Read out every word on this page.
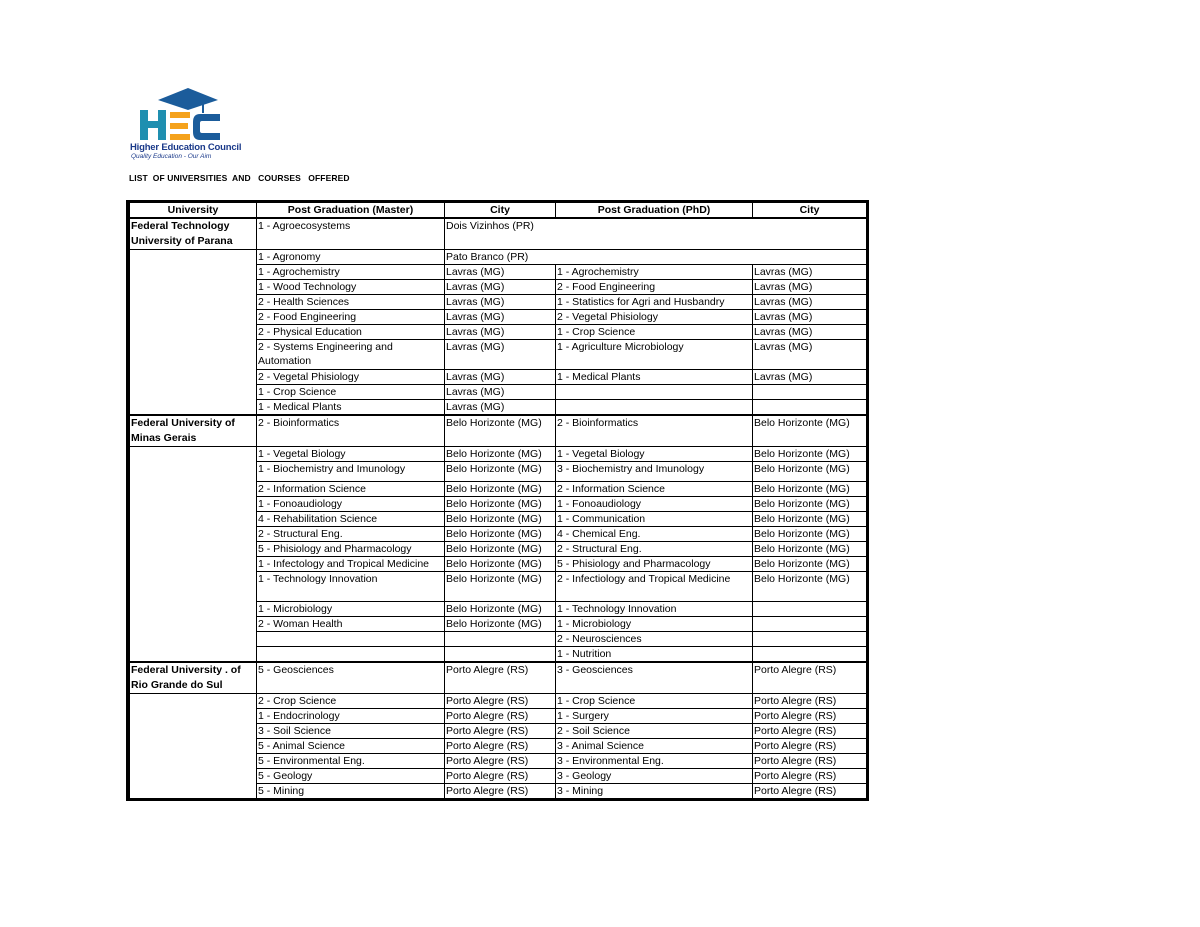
Higher Education Council
Quality Education - Our Aim
LIST  OF UNIVERSITIES  AND   COURSES   OFFERED
University	Post Graduation (Master)	City	Post Graduation (PhD)	City
Federal Technology University of Parana	1 - Agroecosystems	Dois Vizinhos (PR)		
	1 - Agronomy	Pato Branco (PR)		
	1 - Agrochemistry	Lavras (MG)	1 - Agrochemistry	Lavras (MG)
	1 - Wood Technology	Lavras (MG)	2 - Food Engineering	Lavras (MG)
	2 - Health Sciences	Lavras (MG)	1 - Statistics for Agri and Husbandry	Lavras (MG)
	2 - Food Engineering	Lavras (MG)	2 - Vegetal Phisiology	Lavras (MG)
	2 - Physical Education	Lavras (MG)	1 - Crop Science	Lavras (MG)
	2 - Systems Engineering and Automation	Lavras (MG)	1 - Agriculture Microbiology	Lavras (MG)
	2 - Vegetal Phisiology	Lavras (MG)	1 - Medical Plants	Lavras (MG)
	1 - Crop Science	Lavras (MG)		
	1 - Medical Plants	Lavras (MG)		
Federal University of Minas Gerais	2 - Bioinformatics	Belo Horizonte (MG)	2 - Bioinformatics	Belo Horizonte (MG)
	1 - Vegetal Biology	Belo Horizonte (MG)	1 - Vegetal Biology	Belo Horizonte (MG)
	1 - Biochemistry and Imunology	Belo Horizonte (MG)	3 - Biochemistry and Imunology	Belo Horizonte (MG)
	2 - Information Science	Belo Horizonte (MG)	2 - Information Science	Belo Horizonte (MG)
	1 - Fonoaudiology	Belo Horizonte (MG)	1 - Fonoaudiology	Belo Horizonte (MG)
	4 - Rehabilitation Science	Belo Horizonte (MG)	1 - Communication	Belo Horizonte (MG)
	2 - Structural Eng.	Belo Horizonte (MG)	4 - Chemical Eng.	Belo Horizonte (MG)
	5 - Phisiology and Pharmacology	Belo Horizonte (MG)	2 - Structural Eng.	Belo Horizonte (MG)
	1 - Infectology and Tropical Medicine	Belo Horizonte (MG)	5 - Phisiology and Pharmacology	Belo Horizonte (MG)
	1 - Technology Innovation	Belo Horizonte (MG)	2 - Infectiology and Tropical Medicine	Belo Horizonte (MG)
	1 - Microbiology	Belo Horizonte (MG)	1 - Technology Innovation	
	2 - Woman Health	Belo Horizonte (MG)	1 - Microbiology	
			2 - Neurosciences	
			1 - Nutrition	
Federal University . of Rio Grande do Sul	5 - Geosciences	Porto Alegre (RS)	3 - Geosciences	Porto Alegre (RS)
	2 - Crop Science	Porto Alegre (RS)	1 - Crop Science	Porto Alegre (RS)
	1 - Endocrinology	Porto Alegre (RS)	1 - Surgery	Porto Alegre (RS)
	3 - Soil Science	Porto Alegre (RS)	2 - Soil Science	Porto Alegre (RS)
	5 - Animal Science	Porto Alegre (RS)	3 - Animal Science	Porto Alegre (RS)
	5 - Environmental Eng.	Porto Alegre (RS)	3 - Environmental Eng.	Porto Alegre (RS)
	5 - Geology	Porto Alegre (RS)	3 - Geology	Porto Alegre (RS)
	5 - Mining	Porto Alegre (RS)	3 - Mining	Porto Alegre (RS)
